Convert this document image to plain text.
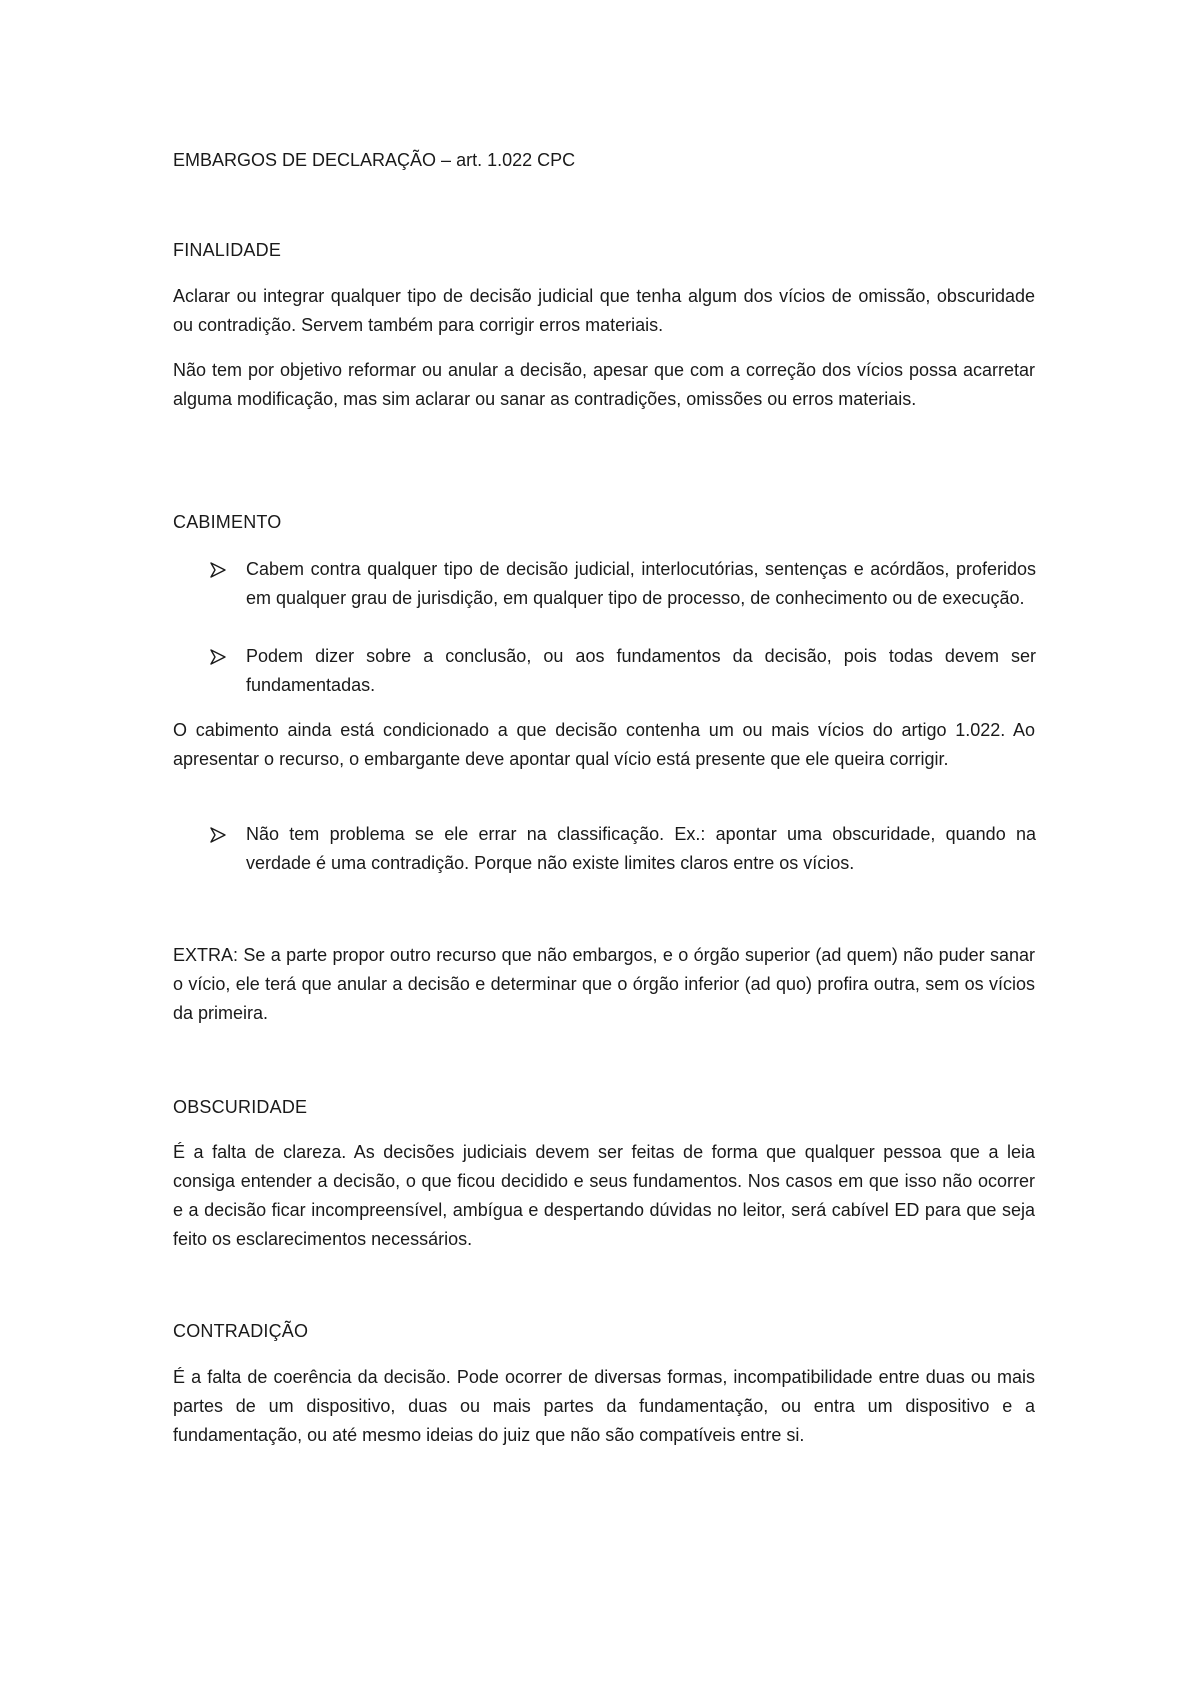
EMBARGOS DE DECLARAÇÃO – art. 1.022 CPC

FINALIDADE

Aclarar ou integrar qualquer tipo de decisão judicial que tenha algum dos vícios de omissão, obscuridade ou contradição. Servem também para corrigir erros materiais.

Não tem por objetivo reformar ou anular a decisão, apesar que com a correção dos vícios possa acarretar alguma modificação, mas sim aclarar ou sanar as contradições, omissões ou erros materiais.

CABIMENTO

Cabem contra qualquer tipo de decisão judicial, interlocutórias, sentenças e acórdãos, proferidos em qualquer grau de jurisdição, em qualquer tipo de processo, de conhecimento ou de execução.

Podem dizer sobre a conclusão, ou aos fundamentos da decisão, pois todas devem ser fundamentadas.

O cabimento ainda está condicionado a que decisão contenha um ou mais vícios do artigo 1.022. Ao apresentar o recurso, o embargante deve apontar qual vício está presente que ele queira corrigir.

Não tem problema se ele errar na classificação. Ex.: apontar uma obscuridade, quando na verdade é uma contradição. Porque não existe limites claros entre os vícios.

EXTRA: Se a parte propor outro recurso que não embargos, e o órgão superior (ad quem) não puder sanar o vício, ele terá que anular a decisão e determinar que o órgão inferior (ad quo) profira outra, sem os vícios da primeira.

OBSCURIDADE

É a falta de clareza. As decisões judiciais devem ser feitas de forma que qualquer pessoa que a leia consiga entender a decisão, o que ficou decidido e seus fundamentos. Nos casos em que isso não ocorrer e a decisão ficar incompreensível, ambígua e despertando dúvidas no leitor, será cabível ED para que seja feito os esclarecimentos necessários.

CONTRADIÇÃO

É a falta de coerência da decisão. Pode ocorrer de diversas formas, incompatibilidade entre duas ou mais partes de um dispositivo, duas ou mais partes da fundamentação, ou entra um dispositivo e a fundamentação, ou até mesmo ideias do juiz que não são compatíveis entre si.
